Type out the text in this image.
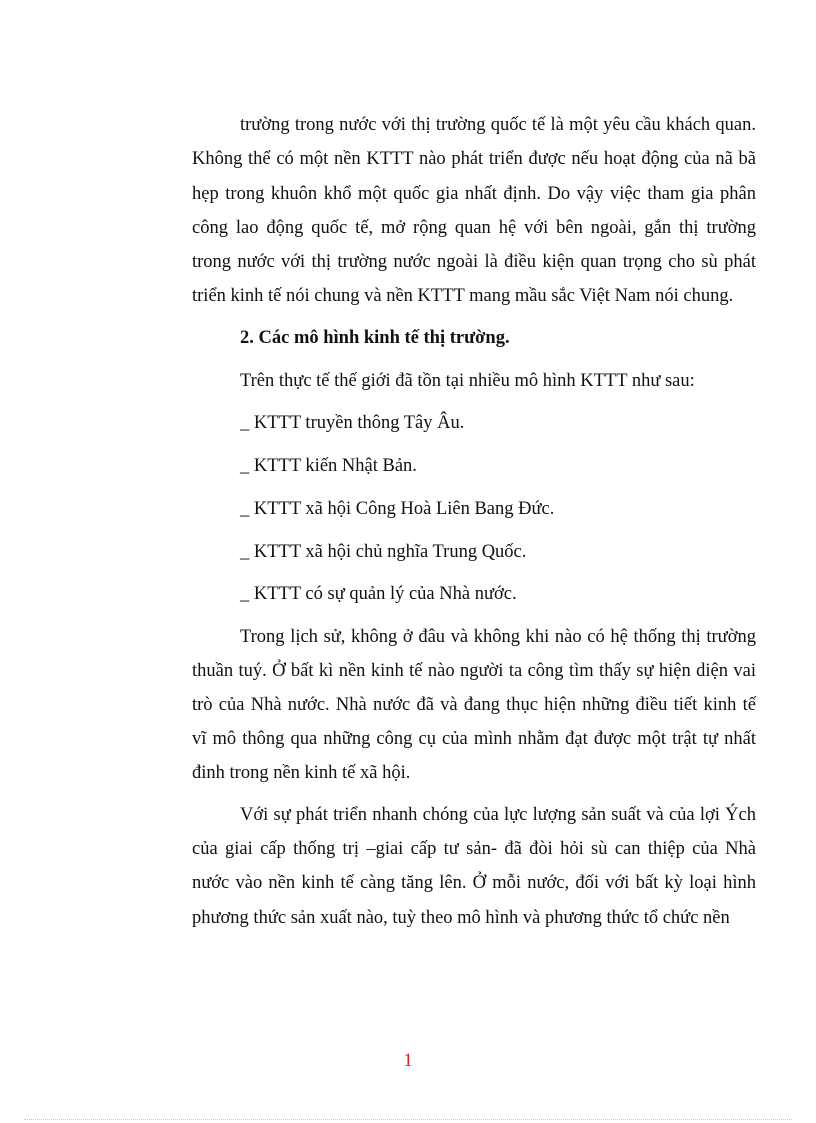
trường trong nước với thị trường quốc tế là một yêu cầu khách quan.
Không thể có một nền KTTT nào phát triển được nếu hoạt động của nã bã
hẹp trong khuôn khổ một quốc gia nhất định. Do vậy việc tham gia phân
công lao động quốc tế, mở rộng quan hệ với bên ngoài, gắn thị trường
trong nước với thị trường nước ngoài là điều kiện quan trọng cho sù phát
triển kinh tế nói chung và nền KTTT mang mầu sắc Việt Nam nói chung.
2. Các mô hình kinh tế thị trường.
Trên thực tế thế giới đã tồn tại nhiều mô hình KTTT như sau:
_ KTTT truyền thông Tây Âu.
_ KTTT kiến Nhật Bản.
_ KTTT xã hội Công Hoà Liên Bang Đức.
_ KTTT xã hội chủ nghĩa Trung Quốc.
_ KTTT có sự quản lý của Nhà nước.
Trong lịch sử, không ở đâu và không khi nào có hệ thống thị trường
thuần tuý. Ở bất kì nền kinh tế nào người ta công tìm thấy sự hiện diện vai
trò của Nhà nước. Nhà nước đã và đang thục hiện những điều tiết kinh tế
vĩ mô thông qua những công cụ của mình nhằm đạt được một trật tự nhất
đinh trong nền kinh tế xã hội.
Với sự phát triển nhanh chóng của lực lượng sản suất và của lợi Ých
của giai cấp thống trị –giai cấp tư sản- đã đòi hỏi sù can thiệp của Nhà
nước vào nền kinh tế càng tăng lên. Ở mỗi nước, đối với bất kỳ loại hình
phương thức sản xuất nào, tuỳ theo mô hình và phương thức tổ chức nền
1
